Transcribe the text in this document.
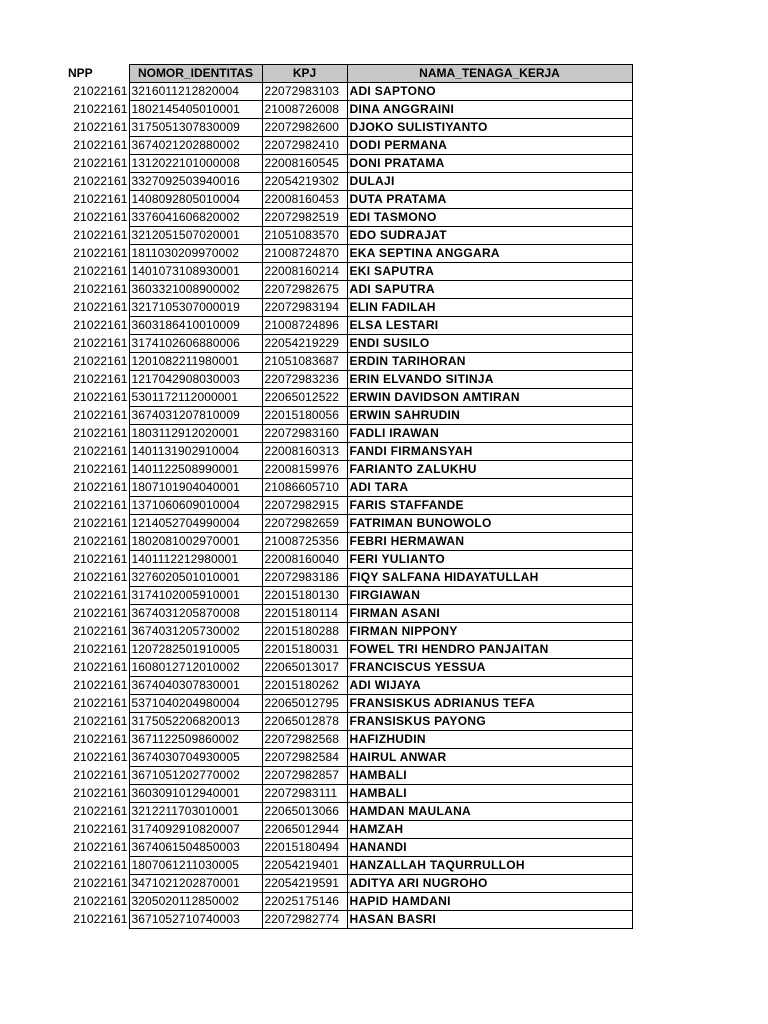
NPP	NOMOR_IDENTITAS	KPJ	NAMA_TENAGA_KERJA
21022161	3216011212820004	22072983103	ADI SAPTONO
21022161	1802145405010001	21008726008	DINA ANGGRAINI
21022161	3175051307830009	22072982600	DJOKO SULISTIYANTO
21022161	3674021202880002	22072982410	DODI PERMANA
21022161	1312022101000008	22008160545	DONI PRATAMA
21022161	3327092503940016	22054219302	DULAJI
21022161	1408092805010004	22008160453	DUTA PRATAMA
21022161	3376041606820002	22072982519	EDI TASMONO
21022161	3212051507020001	21051083570	EDO SUDRAJAT
21022161	1811030209970002	21008724870	EKA SEPTINA ANGGARA
21022161	1401073108930001	22008160214	EKI SAPUTRA
21022161	3603321008900002	22072982675	ADI SAPUTRA
21022161	3217105307000019	22072983194	ELIN FADILAH
21022161	3603186410010009	21008724896	ELSA LESTARI
21022161	3174102606880006	22054219229	ENDI SUSILO
21022161	1201082211980001	21051083687	ERDIN TARIHORAN
21022161	1217042908030003	22072983236	ERIN ELVANDO SITINJA
21022161	5301172112000001	22065012522	ERWIN DAVIDSON AMTIRAN
21022161	3674031207810009	22015180056	ERWIN SAHRUDIN
21022161	1803112912020001	22072983160	FADLI IRAWAN
21022161	1401131902910004	22008160313	FANDI FIRMANSYAH
21022161	1401122508990001	22008159976	FARIANTO ZALUKHU
21022161	1807101904040001	21086605710	ADI TARA
21022161	1371060609010004	22072982915	FARIS STAFFANDE
21022161	1214052704990004	22072982659	FATRIMAN BUNOWOLO
21022161	1802081002970001	21008725356	FEBRI HERMAWAN
21022161	1401112212980001	22008160040	FERI YULIANTO
21022161	3276020501010001	22072983186	FIQY SALFANA HIDAYATULLAH
21022161	3174102005910001	22015180130	FIRGIAWAN
21022161	3674031205870008	22015180114	FIRMAN ASANI
21022161	3674031205730002	22015180288	FIRMAN NIPPONY
21022161	1207282501910005	22015180031	FOWEL TRI HENDRO PANJAITAN
21022161	1608012712010002	22065013017	FRANCISCUS YESSUA
21022161	3674040307830001	22015180262	ADI WIJAYA
21022161	5371040204980004	22065012795	FRANSISKUS ADRIANUS TEFA
21022161	3175052206820013	22065012878	FRANSISKUS PAYONG
21022161	3671122509860002	22072982568	HAFIZHUDIN
21022161	3674030704930005	22072982584	HAIRUL ANWAR
21022161	3671051202770002	22072982857	HAMBALI
21022161	3603091012940001	22072983111	HAMBALI
21022161	3212211703010001	22065013066	HAMDAN MAULANA
21022161	3174092910820007	22065012944	HAMZAH
21022161	3674061504850003	22015180494	HANANDI
21022161	1807061211030005	22054219401	HANZALLAH TAQURRULLOH
21022161	3471021202870001	22054219591	ADITYA ARI NUGROHO
21022161	3205020112850002	22025175146	HAPID HAMDANI
21022161	3671052710740003	22072982774	HASAN BASRI
